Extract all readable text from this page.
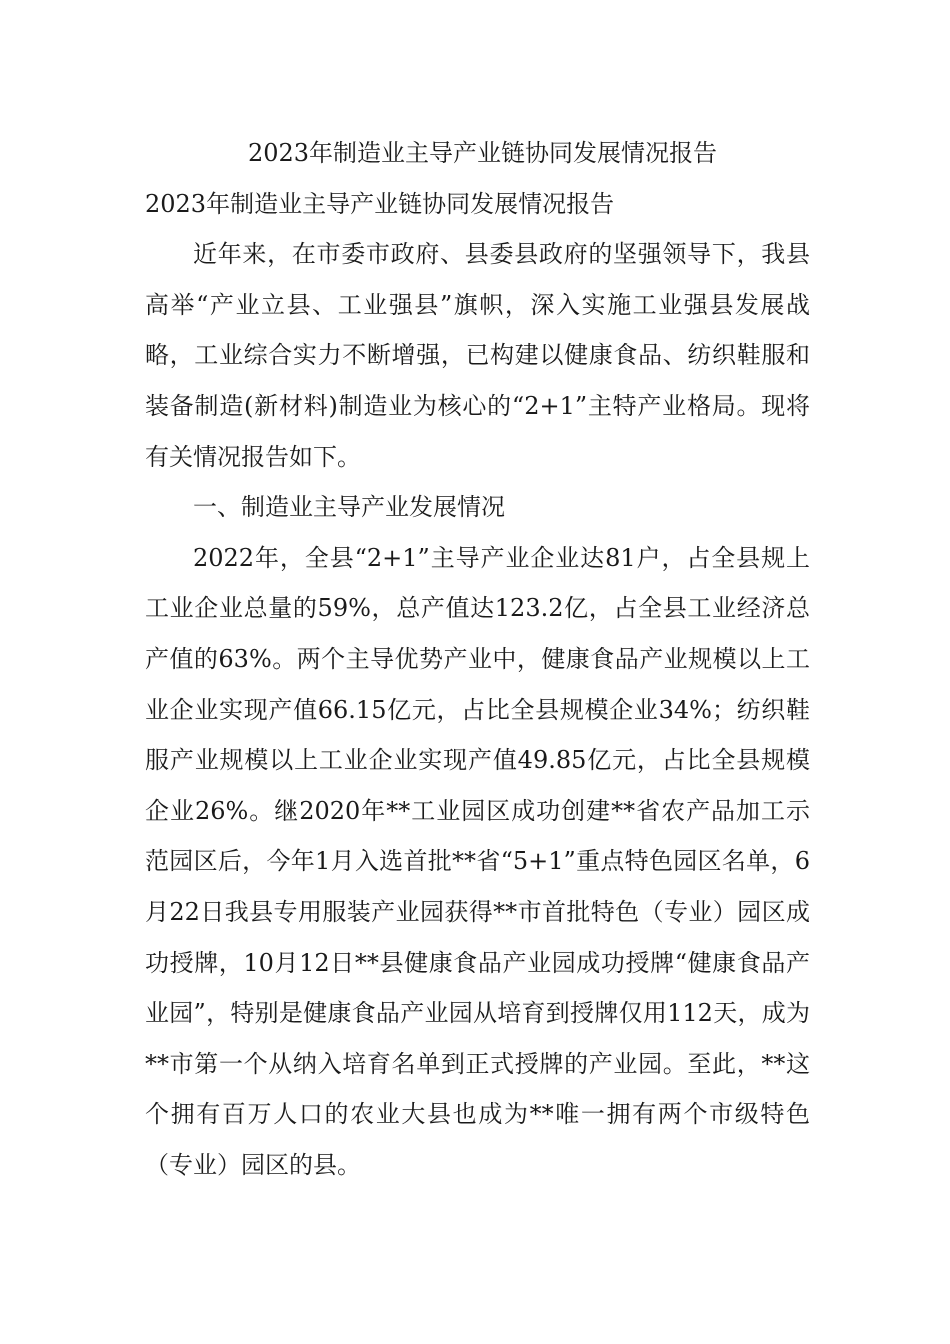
2023年制造业主导产业链协同发展情况报告
2023年制造业主导产业链协同发展情况报告

近年来，在市委市政府、县委县政府的坚强领导下，我县高举“产业立县、工业强县”旗帜，深入实施工业强县发展战略，工业综合实力不断增强，已构建以健康食品、纺织鞋服和装备制造(新材料)制造业为核心的“2+1”主特产业格局。现将有关情况报告如下。

一、制造业主导产业发展情况

2022年，全县“2+1”主导产业企业达81户，占全县规上工业企业总量的59%，总产值达123.2亿，占全县工业经济总产值的63%。两个主导优势产业中，健康食品产业规模以上工业企业实现产值66.15亿元，占比全县规模企业34%；纺织鞋服产业规模以上工业企业实现产值49.85亿元，占比全县规模企业26%。继2020年**工业园区成功创建**省农产品加工示范园区后，今年1月入选首批**省“5+1”重点特色园区名单，6月22日我县专用服装产业园获得**市首批特色（专业）园区成功授牌，10月12日**县健康食品产业园成功授牌“健康食品产业园”，特别是健康食品产业园从培育到授牌仅用112天，成为**市第一个从纳入培育名单到正式授牌的产业园。至此，**这个拥有百万人口的农业大县也成为**唯一拥有两个市级特色（专业）园区的县。
